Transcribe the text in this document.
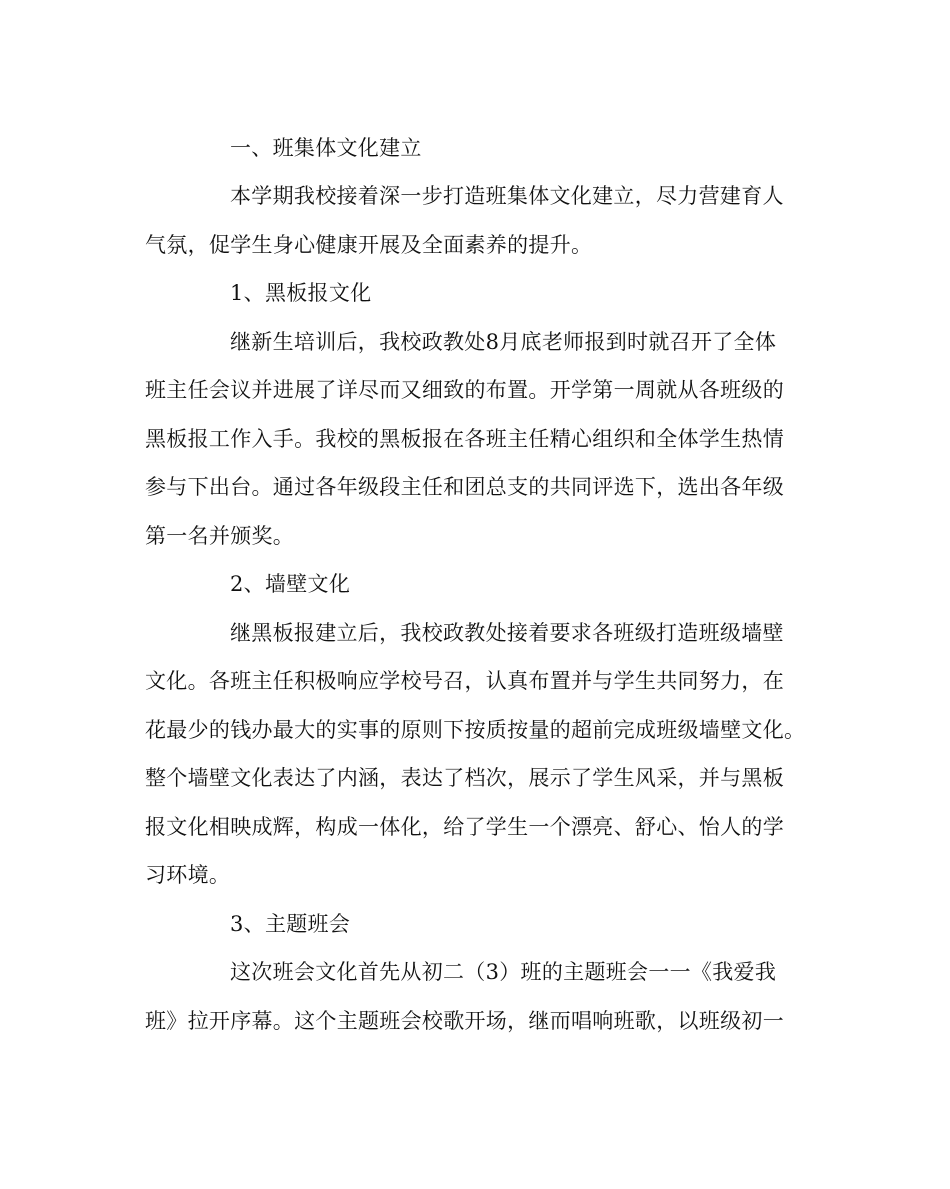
一、班集体文化建立
本学期我校接着深一步打造班集体文化建立，尽力营建育人
气氛，促学生身心健康开展及全面素养的提升。
1、黑板报文化
继新生培训后，我校政教处8月底老师报到时就召开了全体
班主任会议并进展了详尽而又细致的布置。开学第一周就从各班级的
黑板报工作入手。我校的黑板报在各班主任精心组织和全体学生热情
参与下出台。通过各年级段主任和团总支的共同评选下，选出各年级
第一名并颁奖。
2、墙壁文化
继黑板报建立后，我校政教处接着要求各班级打造班级墙壁
文化。各班主任积极响应学校号召，认真布置并与学生共同努力，在
花最少的钱办最大的实事的原则下按质按量的超前完成班级墙壁文化。
整个墙壁文化表达了内涵，表达了档次，展示了学生风采，并与黑板
报文化相映成辉，构成一体化，给了学生一个漂亮、舒心、怡人的学
习环境。
3、主题班会
这次班会文化首先从初二（3）班的主题班会一一《我爱我
班》拉开序幕。这个主题班会校歌开场，继而唱响班歌，以班级初一
